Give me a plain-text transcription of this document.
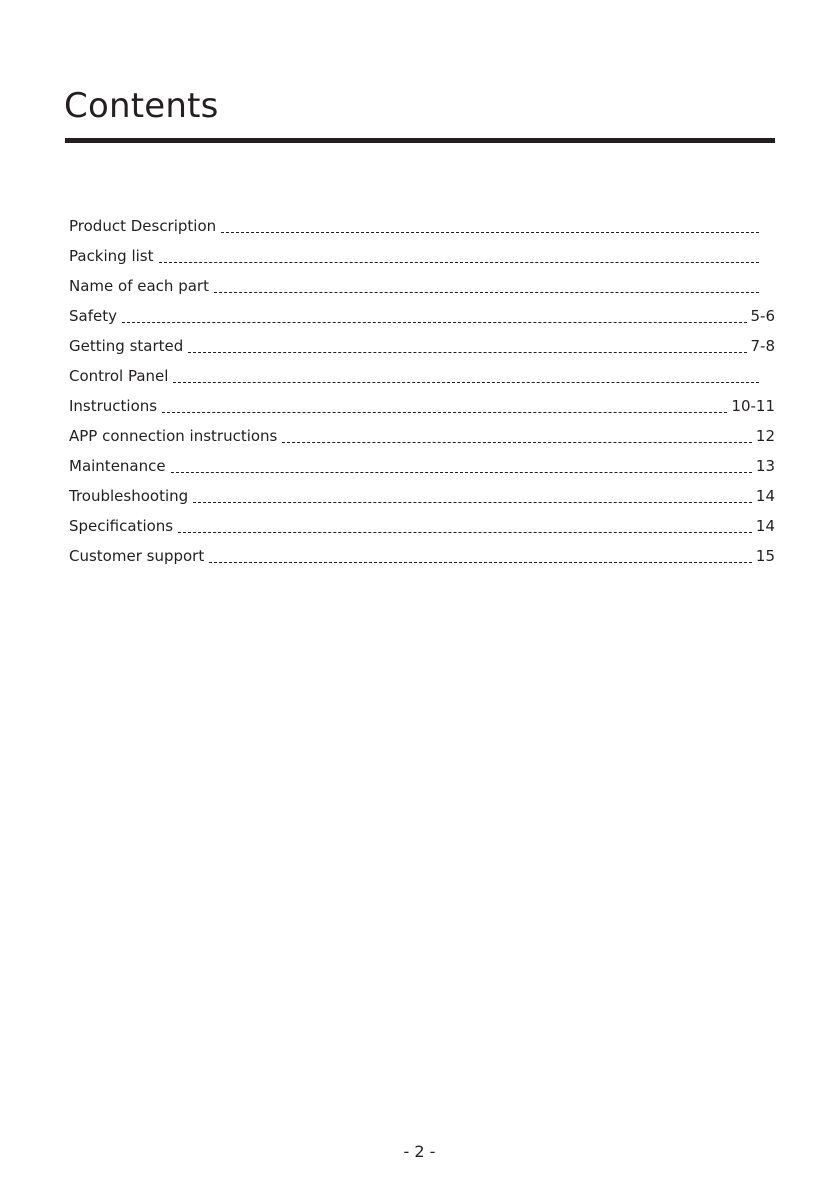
Contents
Product Description
Packing list
Name of each part
Safety	5-6
Getting started	7-8
Control Panel
Instructions	10-11
APP connection instructions	12
Maintenance	13
Troubleshooting	14
Specifications	14
Customer support	15
- 2 -
